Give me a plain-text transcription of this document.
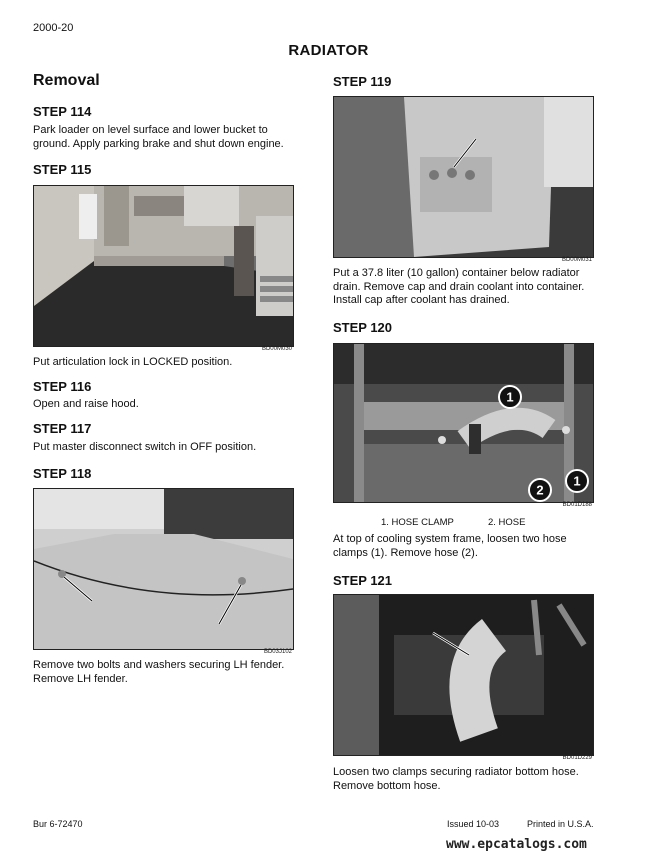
2000-20
RADIATOR
Removal
STEP 114
Park loader on level surface and lower bucket to ground. Apply parking brake and shut down engine.
STEP 115
BD00M030
Put articulation lock in LOCKED position.
STEP 116
Open and raise hood.
STEP 117
Put master disconnect switch in OFF position.
STEP 118
BD03J102
Remove two bolts and washers securing LH fender. Remove LH fender.
STEP 119
BD00M031
Put a 37.8 liter (10 gallon) container below radiator drain. Remove cap and drain coolant into container. Install cap after coolant has drained.
STEP 120
1
2
1
BD01D188
1. HOSE CLAMP	2. HOSE
At top of cooling system frame, loosen two hose clamps (1). Remove hose (2).
STEP 121
BD01D229
Loosen two clamps securing radiator bottom hose. Remove bottom hose.
Bur 6-72470	Issued 10-03	Printed in U.S.A.
www.epcatalogs.com
